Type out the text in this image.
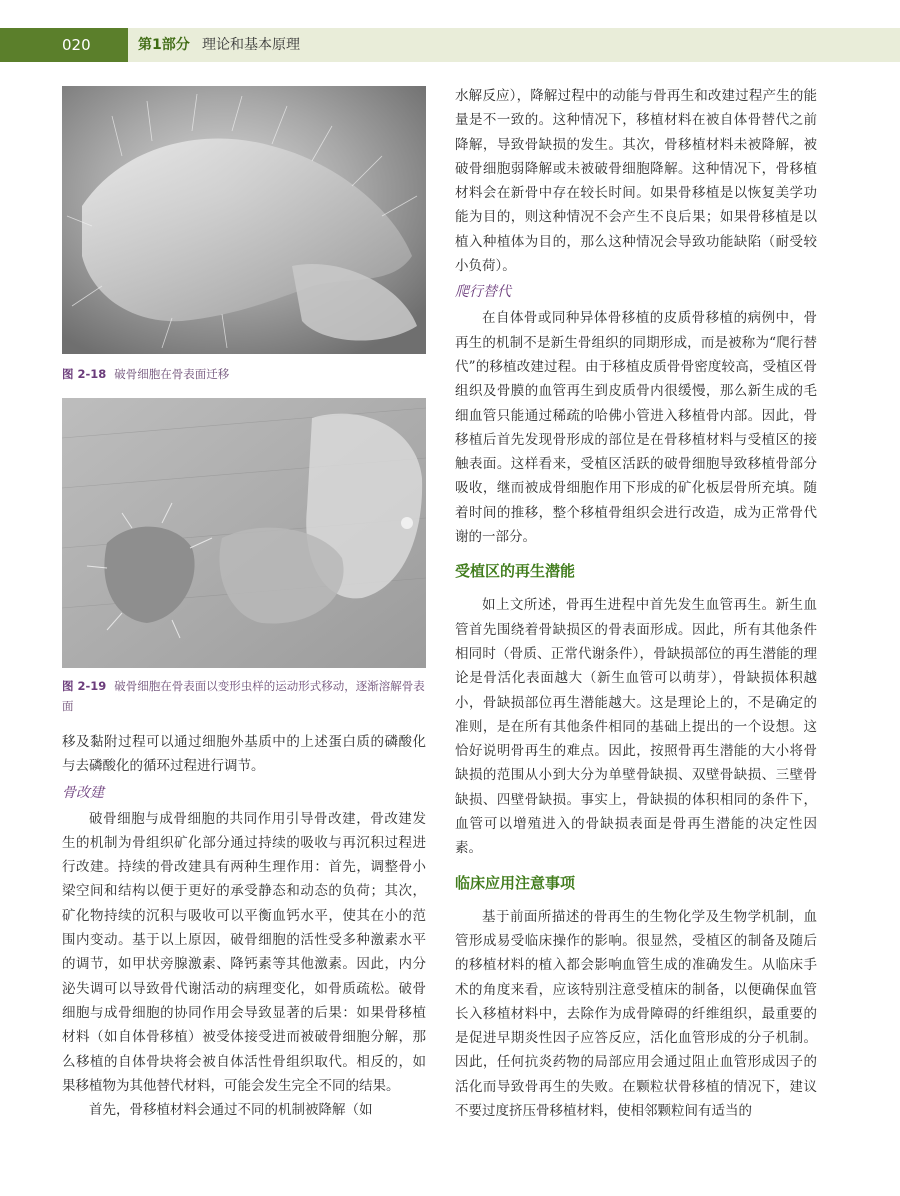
020	第1部分 理论和基本原理
图 2-18 破骨细胞在骨表面迁移
图 2-19 破骨细胞在骨表面以变形虫样的运动形式移动，逐渐溶解骨表面

移及黏附过程可以通过细胞外基质中的上述蛋白质的磷酸化与去磷酸化的循环过程进行调节。

骨改建

破骨细胞与成骨细胞的共同作用引导骨改建，骨改建发生的机制为骨组织矿化部分通过持续的吸收与再沉积过程进行改建。持续的骨改建具有两种生理作用：首先，调整骨小梁空间和结构以便于更好的承受静态和动态的负荷；其次，矿化物持续的沉积与吸收可以平衡血钙水平，使其在小的范围内变动。基于以上原因，破骨细胞的活性受多种激素水平的调节，如甲状旁腺激素、降钙素等其他激素。因此，内分泌失调可以导致骨代谢活动的病理变化，如骨质疏松。破骨细胞与成骨细胞的协同作用会导致显著的后果：如果骨移植材料（如自体骨移植）被受体接受进而被破骨细胞分解，那么移植的自体骨块将会被自体活性骨组织取代。相反的，如果移植物为其他替代材料，可能会发生完全不同的结果。

首先，骨移植材料会通过不同的机制被降解（如

水解反应），降解过程中的动能与骨再生和改建过程产生的能量是不一致的。这种情况下，移植材料在被自体骨替代之前降解，导致骨缺损的发生。其次，骨移植材料未被降解，被破骨细胞弱降解或未被破骨细胞降解。这种情况下，骨移植材料会在新骨中存在较长时间。如果骨移植是以恢复美学功能为目的，则这种情况不会产生不良后果；如果骨移植是以植入种植体为目的，那么这种情况会导致功能缺陷（耐受较小负荷）。

爬行替代

在自体骨或同种异体骨移植的皮质骨移植的病例中，骨再生的机制不是新生骨组织的同期形成，而是被称为“爬行替代”的移植改建过程。由于移植皮质骨骨密度较高，受植区骨组织及骨膜的血管再生到皮质骨内很缓慢，那么新生成的毛细血管只能通过稀疏的哈佛小管进入移植骨内部。因此，骨移植后首先发现骨形成的部位是在骨移植材料与受植区的接触表面。这样看来，受植区活跃的破骨细胞导致移植骨部分吸收，继而被成骨细胞作用下形成的矿化板层骨所充填。随着时间的推移，整个移植骨组织会进行改造，成为正常骨代谢的一部分。

受植区的再生潜能

如上文所述，骨再生进程中首先发生血管再生。新生血管首先围绕着骨缺损区的骨表面形成。因此，所有其他条件相同时（骨质、正常代谢条件），骨缺损部位的再生潜能的理论是骨活化表面越大（新生血管可以萌芽），骨缺损体积越小，骨缺损部位再生潜能越大。这是理论上的，不是确定的准则，是在所有其他条件相同的基础上提出的一个设想。这恰好说明骨再生的难点。因此，按照骨再生潜能的大小将骨缺损的范围从小到大分为单壁骨缺损、双壁骨缺损、三壁骨缺损、四壁骨缺损。事实上，骨缺损的体积相同的条件下，血管可以增殖进入的骨缺损表面是骨再生潜能的决定性因素。

临床应用注意事项

基于前面所描述的骨再生的生物化学及生物学机制，血管形成易受临床操作的影响。很显然，受植区的制备及随后的移植材料的植入都会影响血管生成的准确发生。从临床手术的角度来看，应该特别注意受植床的制备，以便确保血管长入移植材料中，去除作为成骨障碍的纤维组织，最重要的是促进早期炎性因子应答反应，活化血管形成的分子机制。因此，任何抗炎药物的局部应用会通过阻止血管形成因子的活化而导致骨再生的失败。在颗粒状骨移植的情况下，建议不要过度挤压骨移植材料，使相邻颗粒间有适当的
